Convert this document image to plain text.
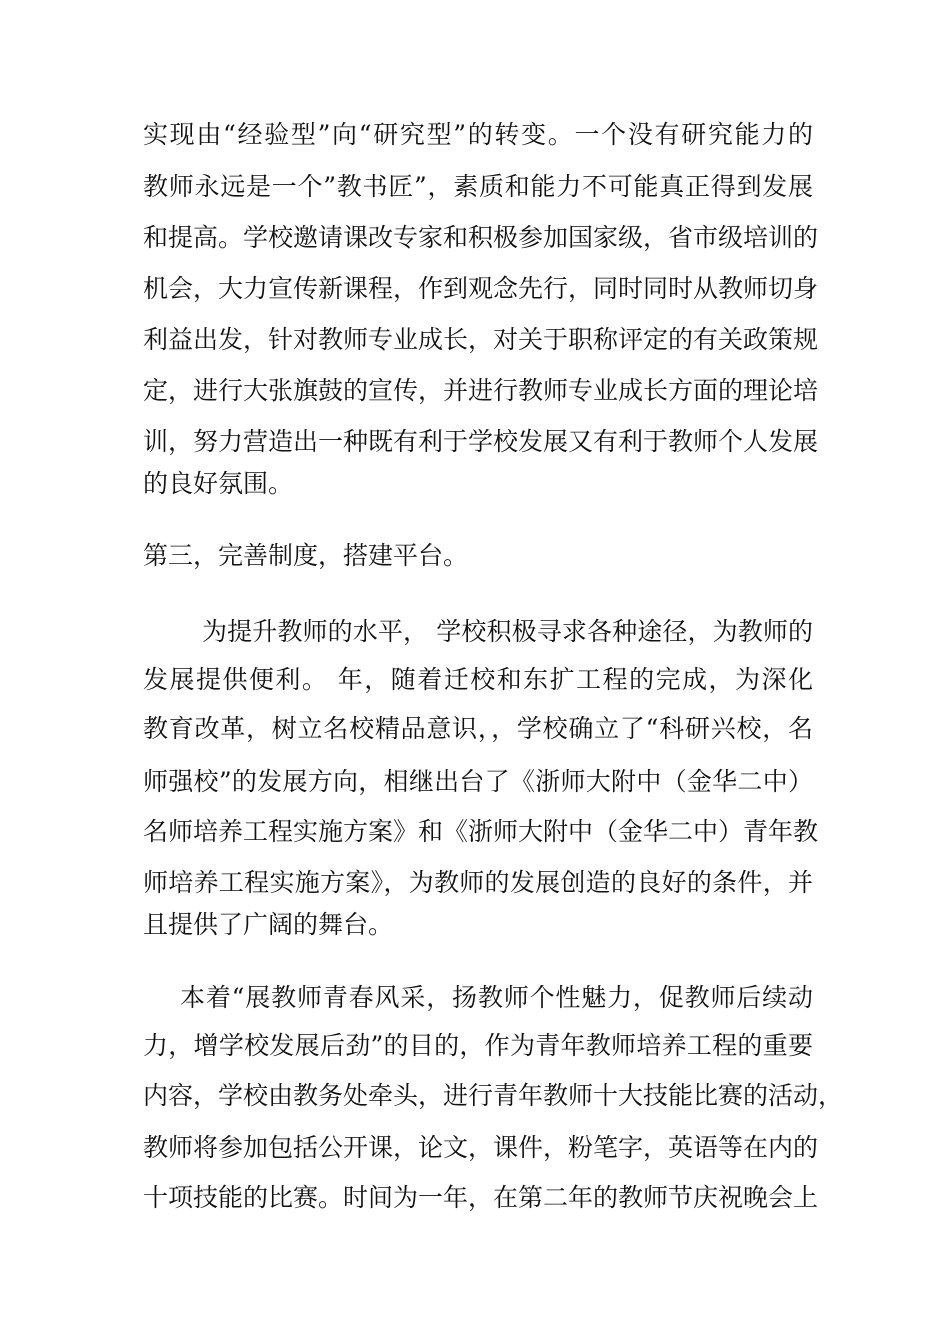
实现由“经验型”向“研究型”的转变。一个没有研究能力的
教师永远是一个”教书匠”，素质和能力不可能真正得到发展
和提高。学校邀请课改专家和积极参加国家级，省市级培训的
机会，大力宣传新课程，作到观念先行，同时同时从教师切身
利益出发，针对教师专业成长，对关于职称评定的有关政策规
定，进行大张旗鼓的宣传，并进行教师专业成长方面的理论培
训，努力营造出一种既有利于学校发展又有利于教师个人发展
的良好氛围。
第三，完善制度，搭建平台。
为提升教师的水平， 学校积极寻求各种途径，为教师的
发展提供便利。 年，随着迁校和东扩工程的完成，为深化
教育改革，树立名校精品意识，，学校确立了“科研兴校，名
师强校”的发展方向，相继出台了《浙师大附中（金华二中）
名师培养工程实施方案》和《浙师大附中（金华二中）青年教
师培养工程实施方案》，为教师的发展创造的良好的条件，并
且提供了广阔的舞台。
本着“展教师青春风采，扬教师个性魅力，促教师后续动
力，增学校发展后劲”的目的，作为青年教师培养工程的重要
内容，学校由教务处牵头，进行青年教师十大技能比赛的活动，
教师将参加包括公开课，论文，课件，粉笔字，英语等在内的
十项技能的比赛。时间为一年，在第二年的教师节庆祝晚会上
